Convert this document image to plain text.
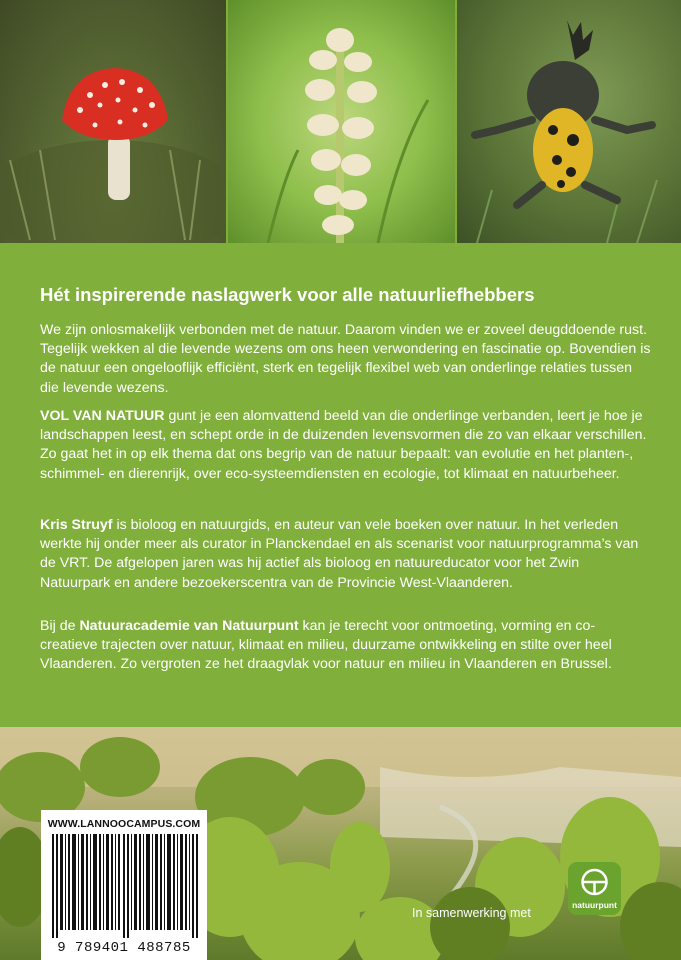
Hét inspirerende naslagwerk voor alle natuurliefhebbers

We zijn onlosmakelijk verbonden met de natuur. Daarom vinden we er zoveel deugddoende rust. Tegelijk wekken al die levende wezens om ons heen verwondering en fascinatie op. Bovendien is de natuur een ongelooflijk efficiënt, sterk en tegelijk flexibel web van onderlinge relaties tussen die levende wezens.

VOL VAN NATUUR gunt je een alomvattend beeld van die onderlinge verbanden, leert je hoe je landschappen leest, en schept orde in de duizenden levensvormen die zo van elkaar verschillen. Zo gaat het in op elk thema dat ons begrip van de natuur bepaalt: van evolutie en het planten-, schimmel- en dierenrijk, over eco-systeemdiensten en ecologie, tot klimaat en natuurbeheer.

Kris Struyf is bioloog en natuurgids, en auteur van vele boeken over natuur. In het verleden werkte hij onder meer als curator in Planckendael en als scenarist voor natuurprogramma’s van de VRT. De afgelopen jaren was hij actief als bioloog en natuureducator voor het Zwin Natuurpark en andere bezoekerscentra van de Provincie West-Vlaanderen.

Bij de Natuuracademie van Natuurpunt kan je terecht voor ontmoeting, vorming en co-creatieve trajecten over natuur, klimaat en milieu, duurzame ontwikkeling en stilte over heel Vlaanderen. Zo vergroten ze het draagvlak voor natuur en milieu in Vlaanderen en Brussel.

WWW.LANNOOCAMPUS.COM
9 789401 488785
In samenwerking met
natuurpunt
